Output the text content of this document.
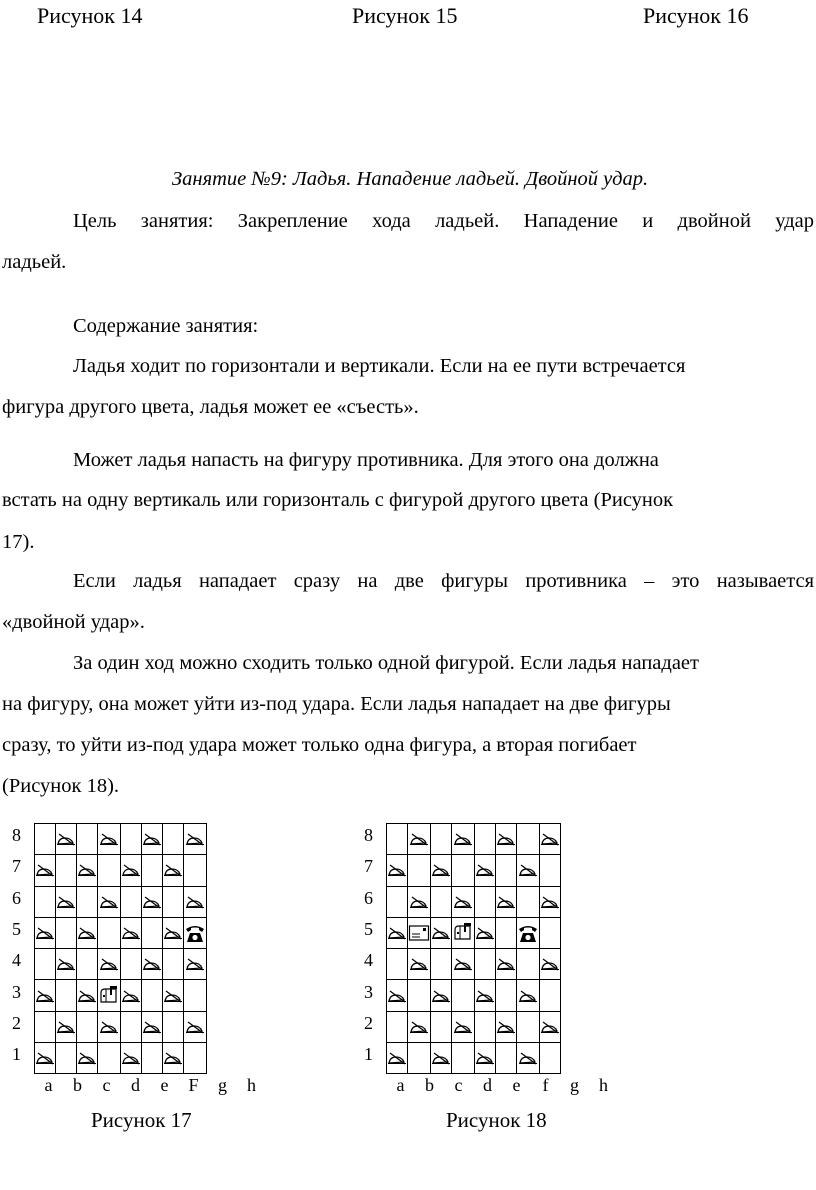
Рисунок 14	Рисунок 15	Рисунок 16
Занятие №9: Ладья. Нападение ладьей. Двойной удар.
Цель занятия: Закрепление хода ладьей. Нападение и двойной удар
ладьей.
Содержание занятия:
Ладья ходит по горизонтали и вертикали. Если на ее пути встречается
фигура другого цвета, ладья может ее «съесть».
Может ладья напасть на фигуру противника. Для этого она должна
встать на одну вертикаль или горизонталь с фигурой другого цвета (Рисунок
17).
Если ладья нападает сразу на две фигуры противника – это называется
«двойной удар».
За один ход можно сходить только одной фигурой. Если ладья нападает
на фигуру, она может уйти из-под удара. Если ладья нападает на две фигуры
сразу, то уйти из-под удара может только одна фигура, а вторая погибает
(Рисунок 18).

8
7
6
5
4
3
2
1
a	b	c	d	e	F	g	h

8
7
6
5
4
3
2
1
a	b	c	d	e	f	g	h
Рисунок 17	Рисунок 18
